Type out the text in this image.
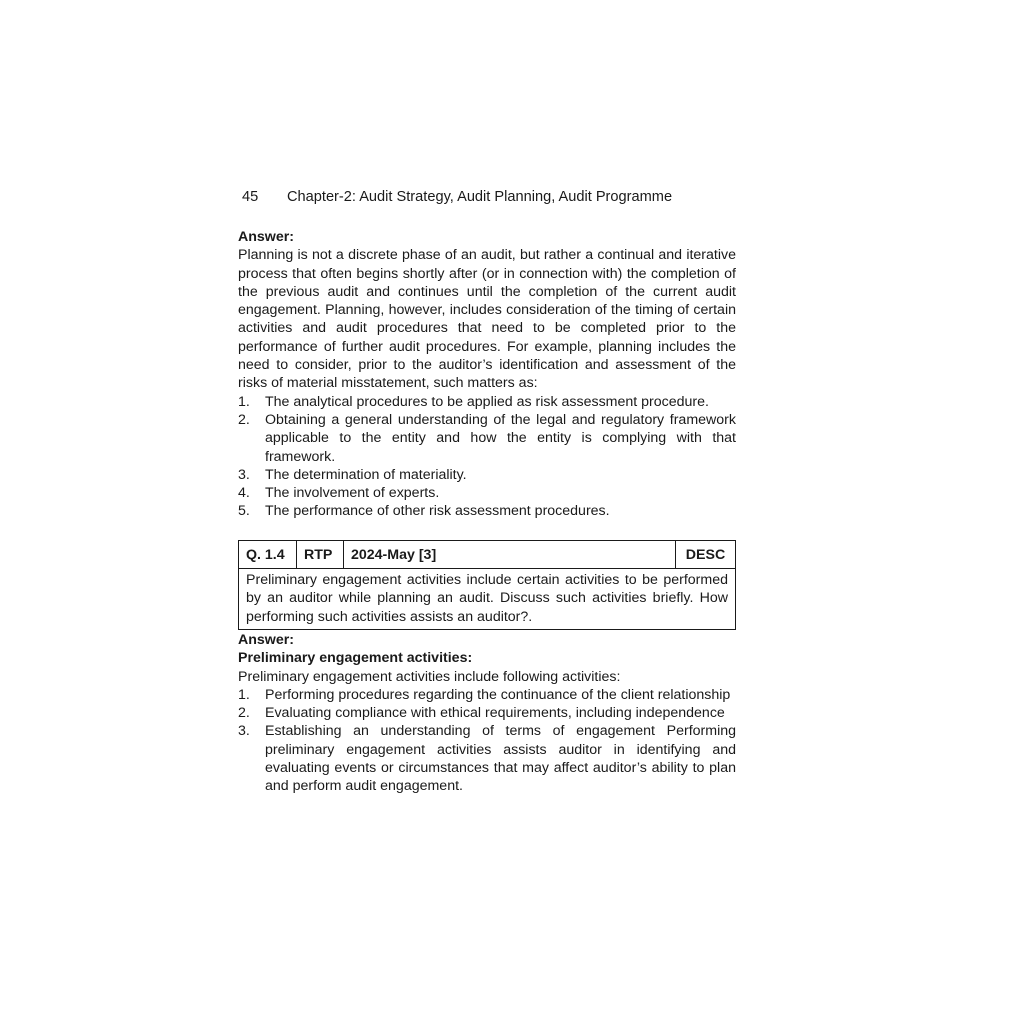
45 Chapter-2: Audit Strategy, Audit Planning, Audit Programme
Answer:

Planning is not a discrete phase of an audit, but rather a continual and iterative process that often begins shortly after (or in connection with) the completion of the previous audit and continues until the completion of the current audit engagement. Planning, however, includes consideration of the timing of certain activities and audit procedures that need to be completed prior to the performance of further audit procedures. For example, planning includes the need to consider, prior to the auditor’s identification and assessment of the risks of material misstatement, such matters as:

1. The analytical procedures to be applied as risk assessment procedure.
2. Obtaining a general understanding of the legal and regulatory framework applicable to the entity and how the entity is complying with that framework.
3. The determination of materiality.
4. The involvement of experts.
5. The performance of other risk assessment procedures.
Q. 1.4	RTP	2024-May [3]	DESC
Preliminary engagement activities include certain activities to be performed by an auditor while planning an audit. Discuss such activities briefly. How performing such activities assists an auditor?.
Answer:
Preliminary engagement activities:
Preliminary engagement activities include following activities:
1. Performing procedures regarding the continuance of the client relationship
2. Evaluating compliance with ethical requirements, including independence
3. Establishing an understanding of terms of engagement Performing preliminary engagement activities assists auditor in identifying and evaluating events or circumstances that may affect auditor’s ability to plan and perform audit engagement.
